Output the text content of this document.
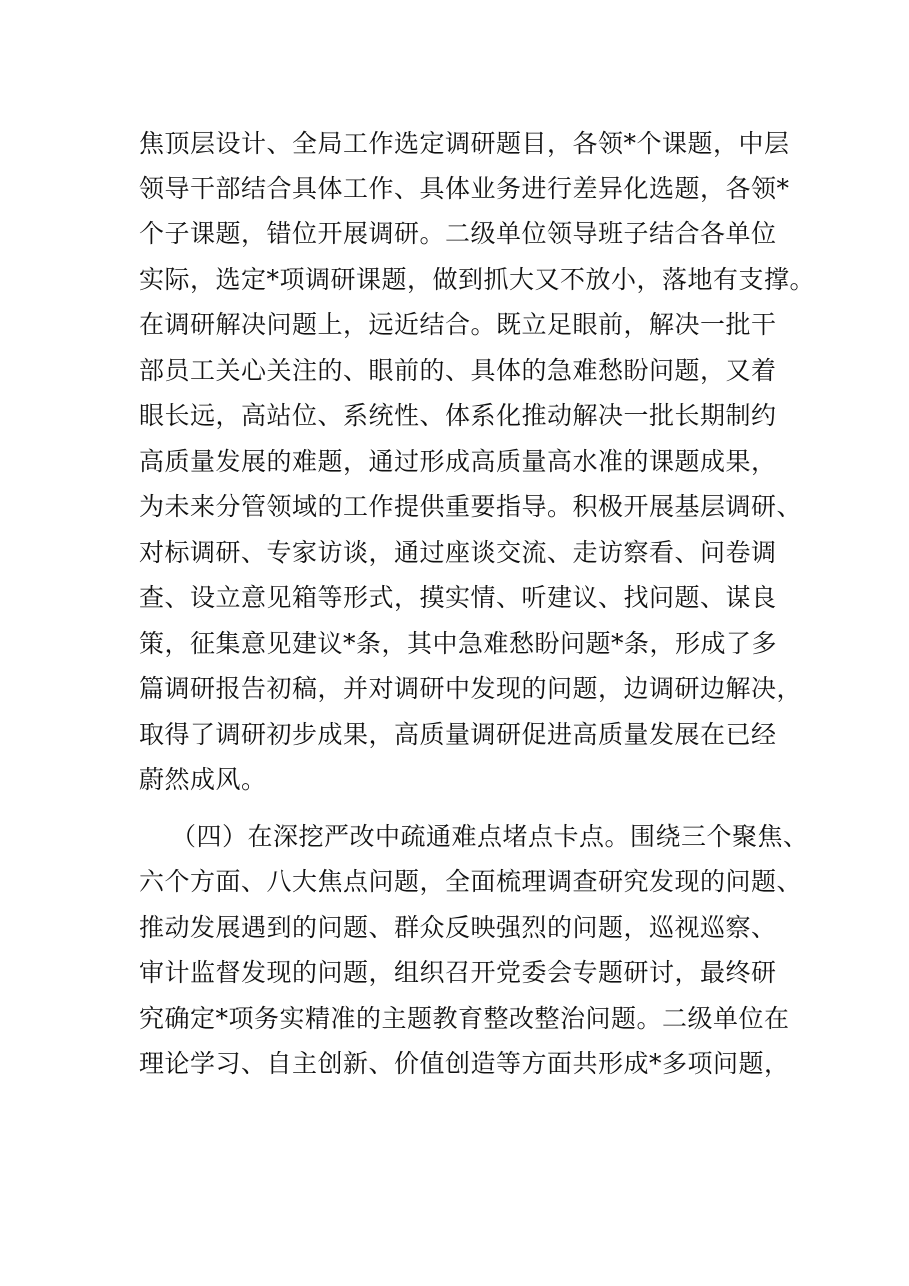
焦顶层设计、全局工作选定调研题目，各领*个课题，中层
领导干部结合具体工作、具体业务进行差异化选题，各领*
个子课题，错位开展调研。二级单位领导班子结合各单位
实际，选定*项调研课题，做到抓大又不放小，落地有支撑。
在调研解决问题上，远近结合。既立足眼前，解决一批干
部员工关心关注的、眼前的、具体的急难愁盼问题，又着
眼长远，高站位、系统性、体系化推动解决一批长期制约
高质量发展的难题，通过形成高质量高水准的课题成果，
为未来分管领域的工作提供重要指导。积极开展基层调研、
对标调研、专家访谈，通过座谈交流、走访察看、问卷调
查、设立意见箱等形式，摸实情、听建议、找问题、谋良
策，征集意见建议*条，其中急难愁盼问题*条，形成了多
篇调研报告初稿，并对调研中发现的问题，边调研边解决，
取得了调研初步成果，高质量调研促进高质量发展在已经
蔚然成风。
（四）在深挖严改中疏通难点堵点卡点。围绕三个聚焦、
六个方面、八大焦点问题，全面梳理调查研究发现的问题、
推动发展遇到的问题、群众反映强烈的问题，巡视巡察、
审计监督发现的问题，组织召开党委会专题研讨，最终研
究确定*项务实精准的主题教育整改整治问题。二级单位在
理论学习、自主创新、价值创造等方面共形成*多项问题，
